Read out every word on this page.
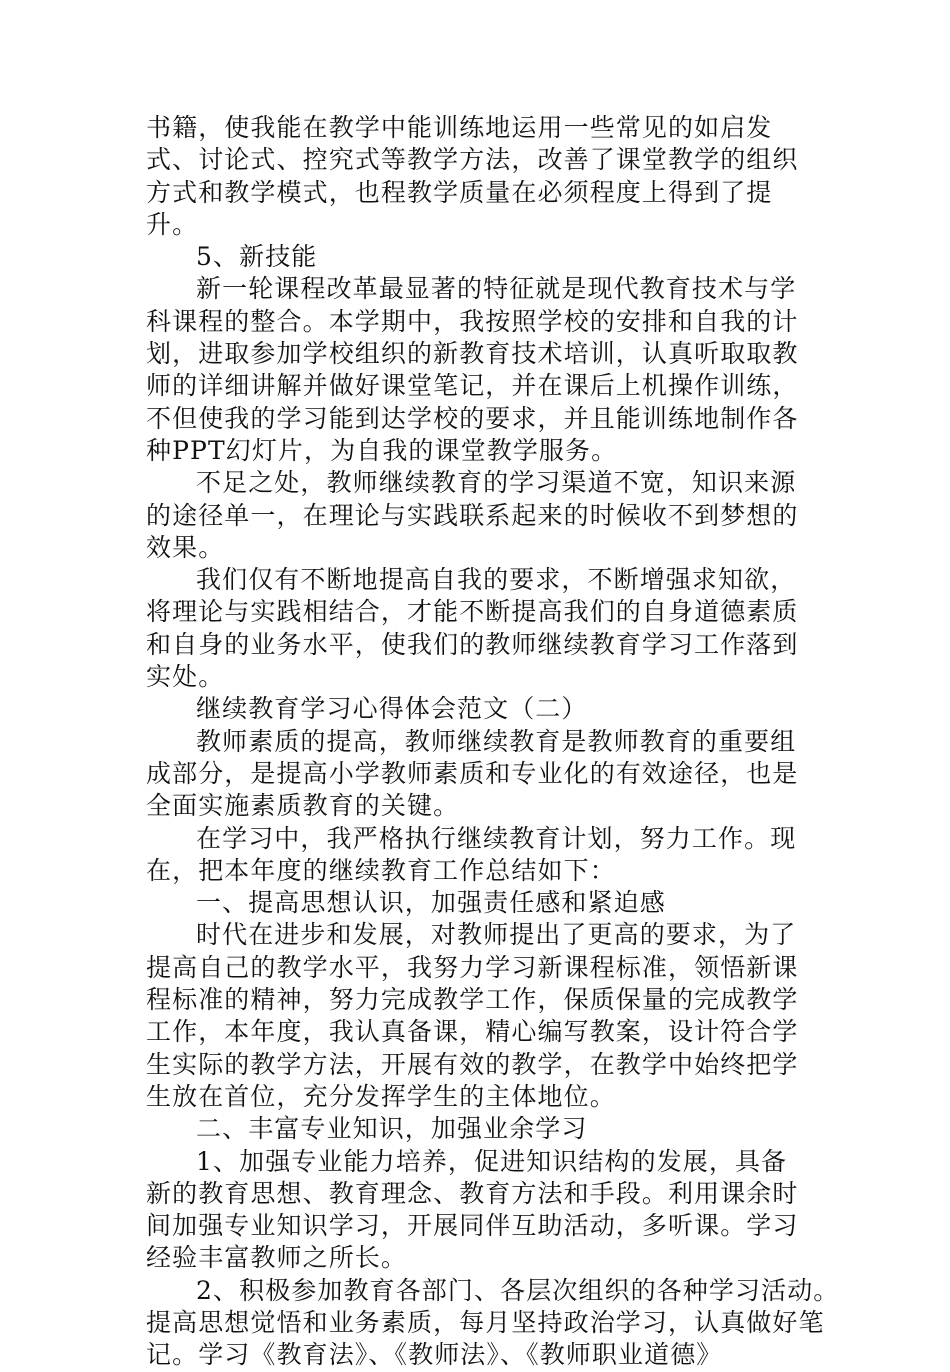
书籍，使我能在教学中能训练地运用一些常见的如启发式、讨论式、控究式等教学方法，改善了课堂教学的组织方式和教学模式，也程教学质量在必须程度上得到了提升。

5、新技能

新一轮课程改革最显著的特征就是现代教育技术与学科课程的整合。本学期中，我按照学校的安排和自我的计划，进取参加学校组织的新教育技术培训，认真听取取教师的详细讲解并做好课堂笔记，并在课后上机操作训练，不但使我的学习能到达学校的要求，并且能训练地制作各种PPT幻灯片，为自我的课堂教学服务。

不足之处，教师继续教育的学习渠道不宽，知识来源的途径单一，在理论与实践联系起来的时候收不到梦想的效果。

我们仅有不断地提高自我的要求，不断增强求知欲，将理论与实践相结合，才能不断提高我们的自身道德素质和自身的业务水平，使我们的教师继续教育学习工作落到实处。

继续教育学习心得体会范文（二）

教师素质的提高，教师继续教育是教师教育的重要组成部分，是提高小学教师素质和专业化的有效途径，也是全面实施素质教育的关键。

在学习中，我严格执行继续教育计划，努力工作。现在，把本年度的继续教育工作总结如下：

一、提高思想认识，加强责任感和紧迫感

时代在进步和发展，对教师提出了更高的要求，为了提高自己的教学水平，我努力学习新课程标准，领悟新课程标准的精神，努力完成教学工作，保质保量的完成教学工作，本年度，我认真备课，精心编写教案，设计符合学生实际的教学方法，开展有效的教学，在教学中始终把学生放在首位，充分发挥学生的主体地位。

二、丰富专业知识，加强业余学习

1、加强专业能力培养，促进知识结构的发展，具备新的教育思想、教育理念、教育方法和手段。利用课余时间加强专业知识学习，开展同伴互助活动，多听课。学习经验丰富教师之所长。

2、积极参加教育各部门、各层次组织的各种学习活动。提高思想觉悟和业务素质，每月坚持政治学习，认真做好笔记。学习《教育法》、《教师法》、《教师职业道德》
